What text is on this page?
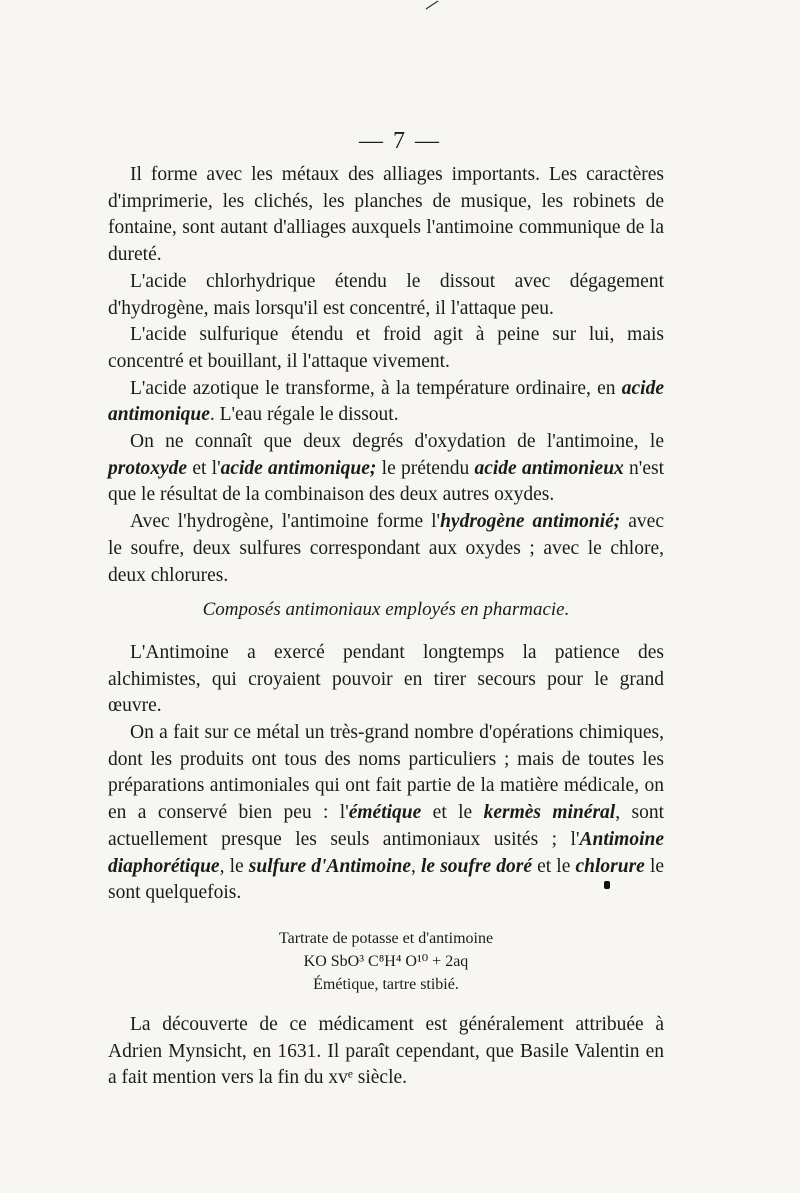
— 7 —

Il forme avec les métaux des alliages importants. Les caractères d'imprimerie, les clichés, les planches de musique, les robinets de fontaine, sont autant d'alliages auxquels l'antimoine communique de la dureté.

L'acide chlorhydrique étendu le dissout avec dégagement d'hydrogène, mais lorsqu'il est concentré, il l'attaque peu.

L'acide sulfurique étendu et froid agit à peine sur lui, mais concentré et bouillant, il l'attaque vivement.

L'acide azotique le transforme, à la température ordinaire, en acide antimonique. L'eau régale le dissout.

On ne connaît que deux degrés d'oxydation de l'antimoine, le protoxyde et l'acide antimonique; le prétendu acide antimonieux n'est que le résultat de la combinaison des deux autres oxydes.

Avec l'hydrogène, l'antimoine forme l'hydrogène antimonié; avec le soufre, deux sulfures correspondant aux oxydes ; avec le chlore, deux chlorures.

Composés antimoniaux employés en pharmacie.

L'Antimoine a exercé pendant longtemps la patience des alchimistes, qui croyaient pouvoir en tirer secours pour le grand œuvre.

On a fait sur ce métal un très-grand nombre d'opérations chimiques, dont les produits ont tous des noms particuliers ; mais de toutes les préparations antimoniales qui ont fait partie de la matière médicale, on en a conservé bien peu : l'émétique et le kermès minéral, sont actuellement presque les seuls antimoniaux usités ; l'Antimoine diaphorétique, le sulfure d'Antimoine, le soufre doré et le chlorure le sont quelquefois.

Tartrate de potasse et d'antimoine
KO SbO³ C⁸H⁴ O¹⁰ + 2aq
Émétique, tartre stibié.

La découverte de ce médicament est généralement attribuée à Adrien Mynsicht, en 1631. Il paraît cependant, que Basile Valentin en a fait mention vers la fin du xvᵉ siècle.
